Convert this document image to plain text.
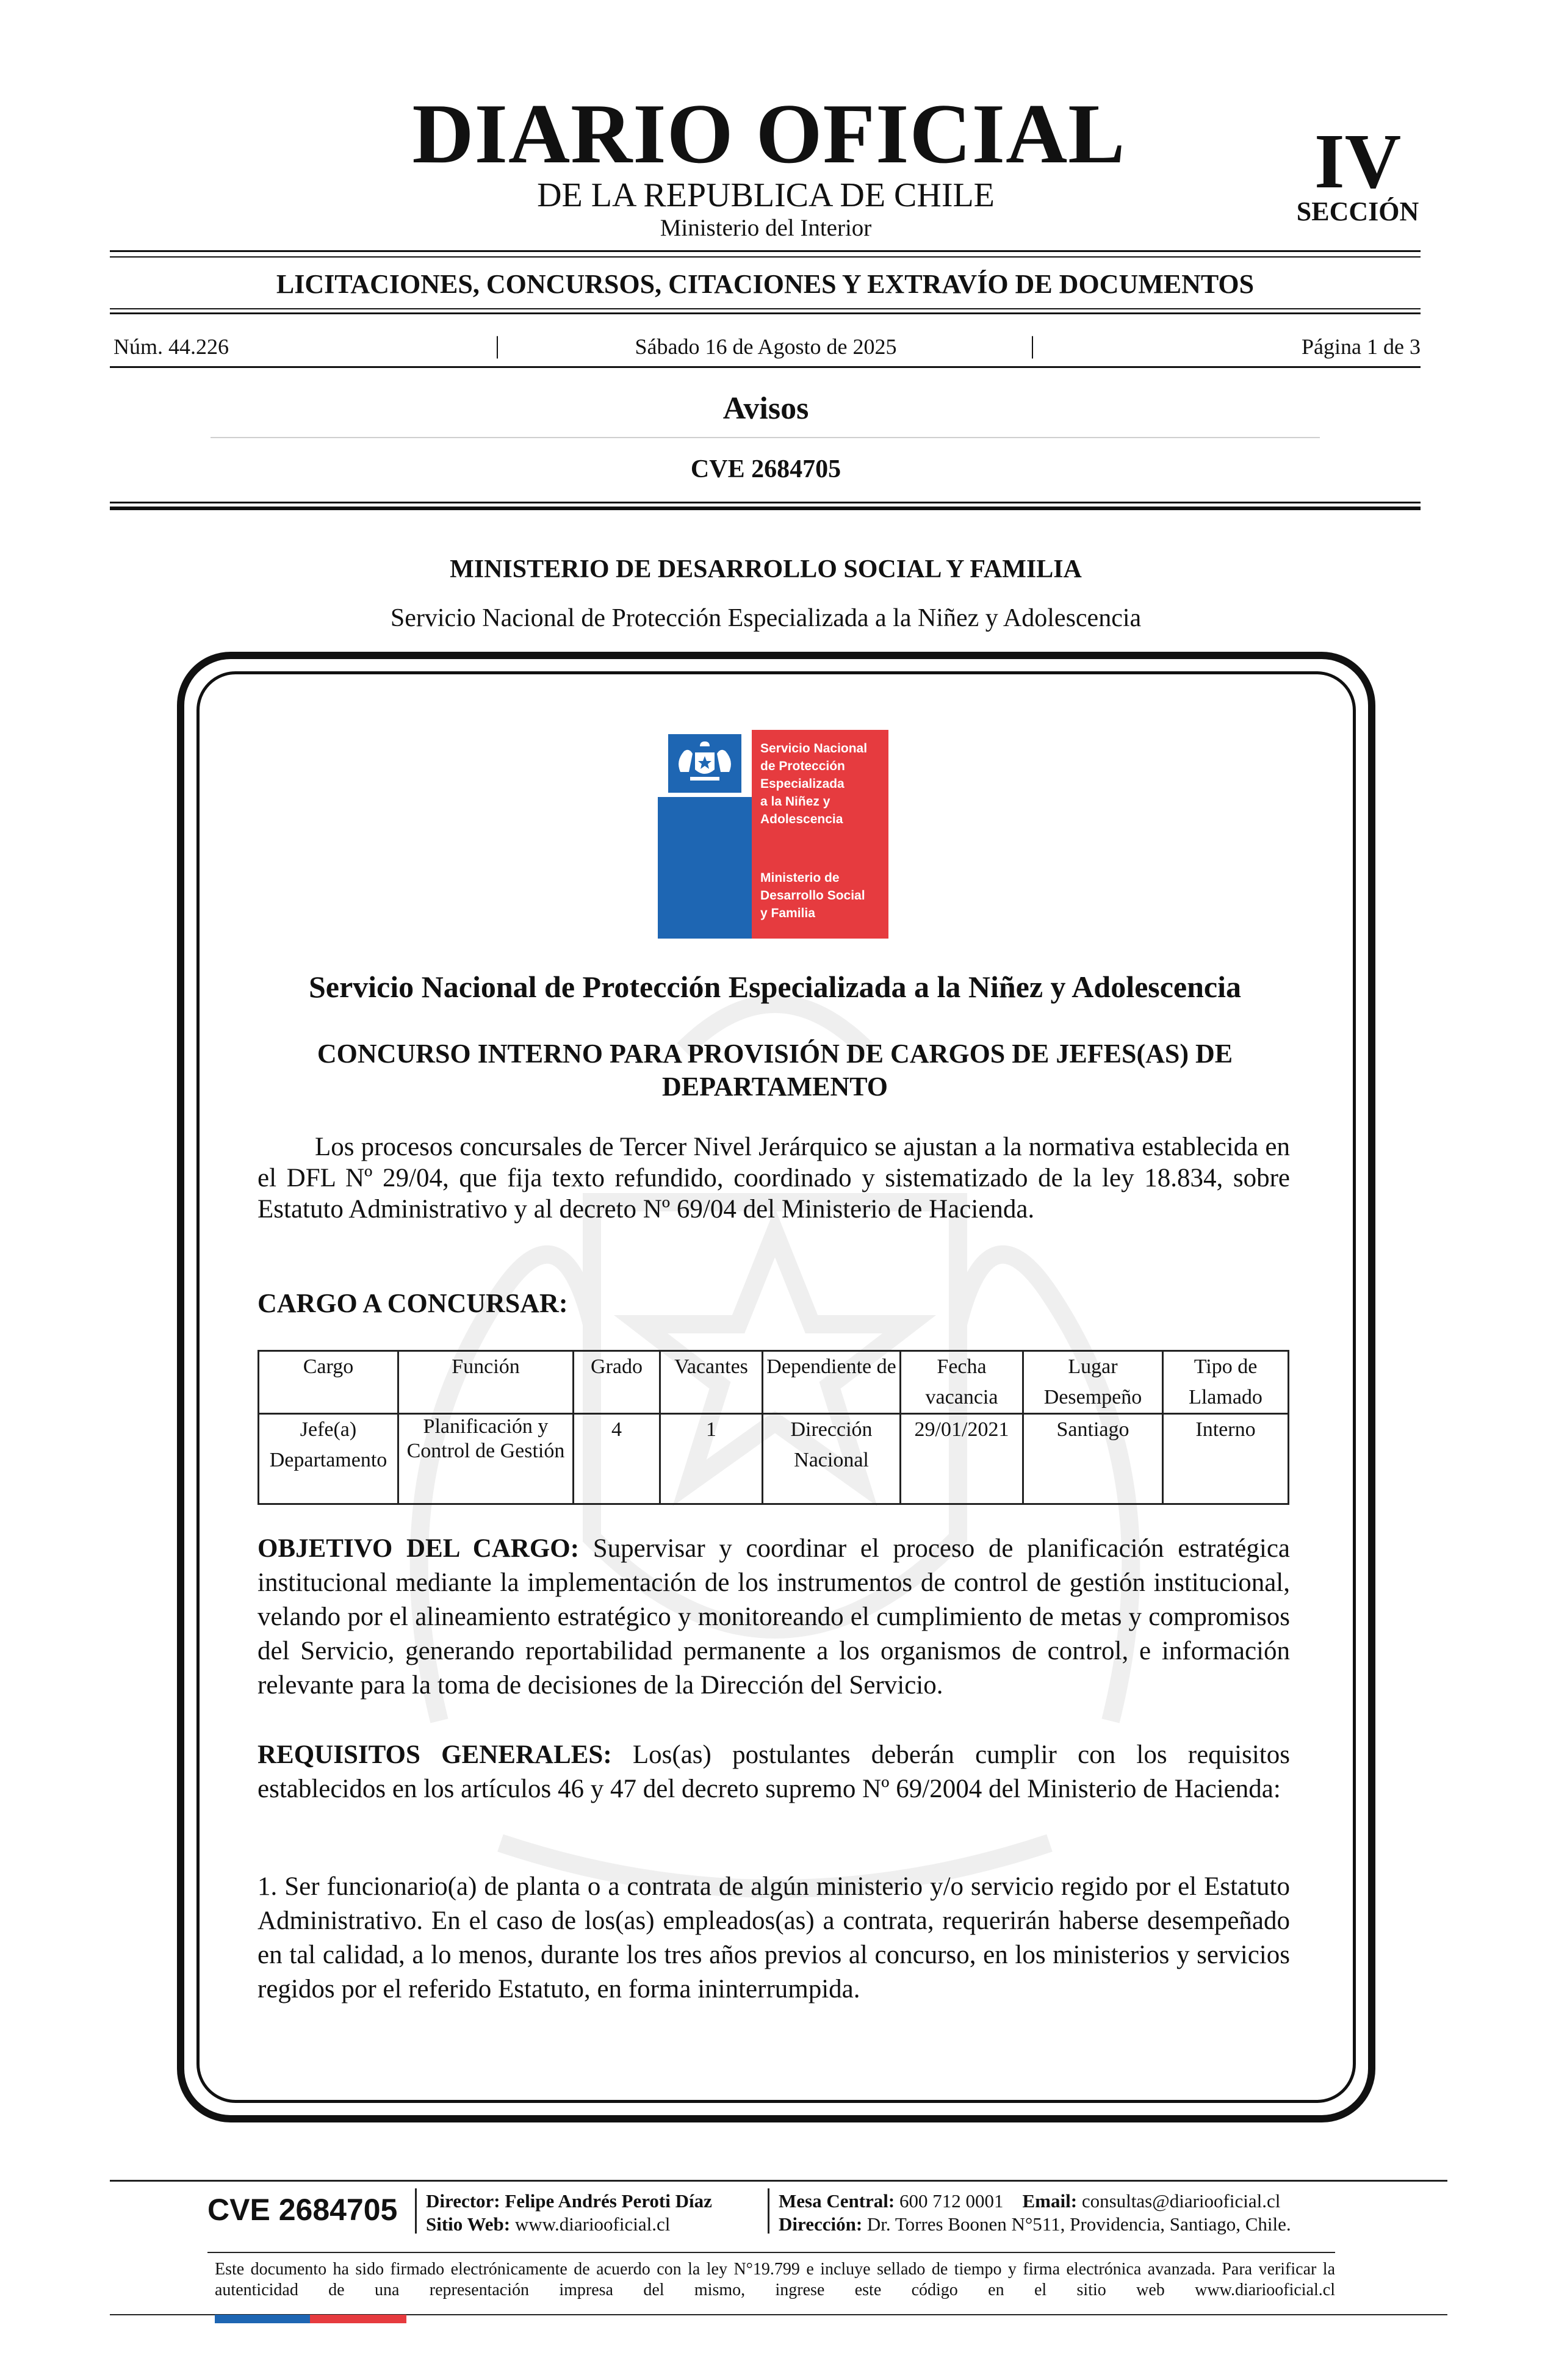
DIARIO OFICIAL
DE LA REPUBLICA DE CHILE
Ministerio del Interior
IV
SECCIÓN
LICITACIONES, CONCURSOS, CITACIONES Y EXTRAVÍO DE DOCUMENTOS
Núm. 44.226	|	Sábado 16 de Agosto de 2025	|	Página 1 de 3
Avisos
CVE 2684705
MINISTERIO DE DESARROLLO SOCIAL Y FAMILIA
Servicio Nacional de Protección Especializada a la Niñez y Adolescencia
Servicio Nacional
de Protección
Especializada
a la Niñez y
Adolescencia
Ministerio de
Desarrollo Social
y Familia
Servicio Nacional de Protección Especializada a la Niñez y Adolescencia
CONCURSO INTERNO PARA PROVISIÓN DE CARGOS DE JEFES(AS) DE DEPARTAMENTO
Los procesos concursales de Tercer Nivel Jerárquico se ajustan a la normativa establecida en el DFL Nº 29/04, que fija texto refundido, coordinado y sistematizado de la ley 18.834, sobre Estatuto Administrativo y al decreto Nº 69/04 del Ministerio de Hacienda.
CARGO A CONCURSAR:
Cargo	Función	Grado	Vacantes	Dependiente de	Fecha vacancia	Lugar Desempeño	Tipo de Llamado
Jefe(a) Departamento	Planificación y Control de Gestión	4	1	Dirección Nacional	29/01/2021	Santiago	Interno
OBJETIVO DEL CARGO: Supervisar y coordinar el proceso de planificación estratégica institucional mediante la implementación de los instrumentos de control de gestión institucional, velando por el alineamiento estratégico y monitoreando el cumplimiento de metas y compromisos del Servicio, generando reportabilidad permanente a los organismos de control, e información relevante para la toma de decisiones de la Dirección del Servicio.
REQUISITOS GENERALES: Los(as) postulantes deberán cumplir con los requisitos establecidos en los artículos 46 y 47 del decreto supremo Nº 69/2004 del Ministerio de Hacienda:
1. Ser funcionario(a) de planta o a contrata de algún ministerio y/o servicio regido por el Estatuto Administrativo. En el caso de los(as) empleados(as) a contrata, requerirán haberse desempeñado en tal calidad, a lo menos, durante los tres años previos al concurso, en los ministerios y servicios regidos por el referido Estatuto, en forma ininterrumpida.
CVE 2684705 Director: Felipe Andrés Peroti Díaz
Sitio Web: www.diariooficial.cl
Mesa Central: 600 712 0001 Email: consultas@diariooficial.cl
Dirección: Dr. Torres Boonen N°511, Providencia, Santiago, Chile.
Este documento ha sido firmado electrónicamente de acuerdo con la ley N°19.799 e incluye sellado de tiempo y firma electrónica avanzada. Para verificar la autenticidad de una representación impresa del mismo, ingrese este código en el sitio web www.diariooficial.cl
